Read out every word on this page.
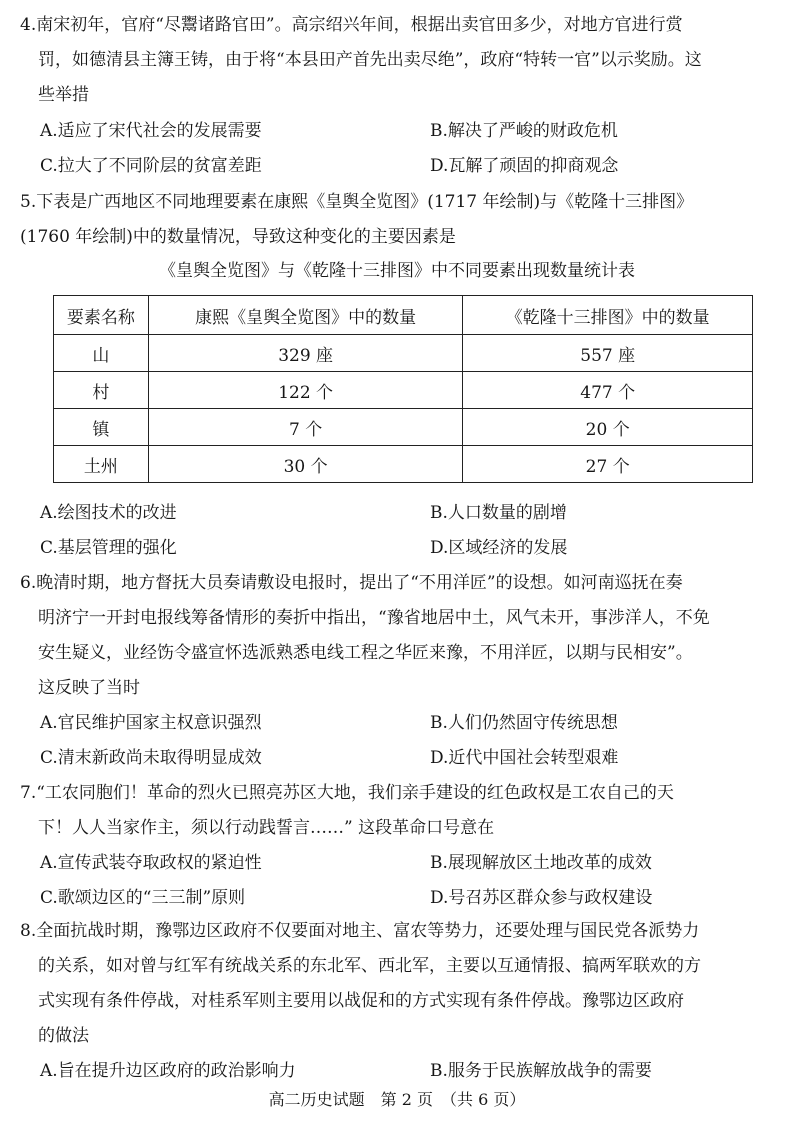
4.南宋初年，官府“尽鬻诸路官田”。高宗绍兴年间，根据出卖官田多少，对地方官进行赏
罚，如德清县主簿王铸，由于将“本县田产首先出卖尽绝”，政府“特转一官”以示奖励。这
些举措
A.适应了宋代社会的发展需要	B.解决了严峻的财政危机
C.拉大了不同阶层的贫富差距	D.瓦解了顽固的抑商观念
5.下表是广西地区不同地理要素在康熙《皇舆全览图》(1717 年绘制)与《乾隆十三排图》
(1760 年绘制)中的数量情况，导致这种变化的主要因素是
《皇舆全览图》与《乾隆十三排图》中不同要素出现数量统计表
要素名称	康熙《皇舆全览图》中的数量	《乾隆十三排图》中的数量
山	329 座	557 座
村	122 个	477 个
镇	7 个	20 个
土州	30 个	27 个
A.绘图技术的改进	B.人口数量的剧增
C.基层管理的强化	D.区域经济的发展
6.晚清时期，地方督抚大员奏请敷设电报时，提出了“不用洋匠”的设想。如河南巡抚在奏
明济宁一开封电报线筹备情形的奏折中指出，“豫省地居中土，风气未开，事涉洋人，不免
安生疑义，业经饬令盛宣怀选派熟悉电线工程之华匠来豫，不用洋匠，以期与民相安”。
这反映了当时
A.官民维护国家主权意识强烈	B.人们仍然固守传统思想
C.清末新政尚未取得明显成效	D.近代中国社会转型艰难
7.“工农同胞们！革命的烈火已照亮苏区大地，我们亲手建设的红色政权是工农自己的天
下！人人当家作主，须以行动践誓言……” 这段革命口号意在
A.宣传武装夺取政权的紧迫性	B.展现解放区土地改革的成效
C.歌颂边区的“三三制”原则	D.号召苏区群众参与政权建设
8.全面抗战时期，豫鄂边区政府不仅要面对地主、富农等势力，还要处理与国民党各派势力
的关系，如对曾与红军有统战关系的东北军、西北军，主要以互通情报、搞两军联欢的方
式实现有条件停战，对桂系军则主要用以战促和的方式实现有条件停战。豫鄂边区政府
的做法
A.旨在提升边区政府的政治影响力	B.服务于民族解放战争的需要
高二历史试题　第 2 页　（共 6 页）
